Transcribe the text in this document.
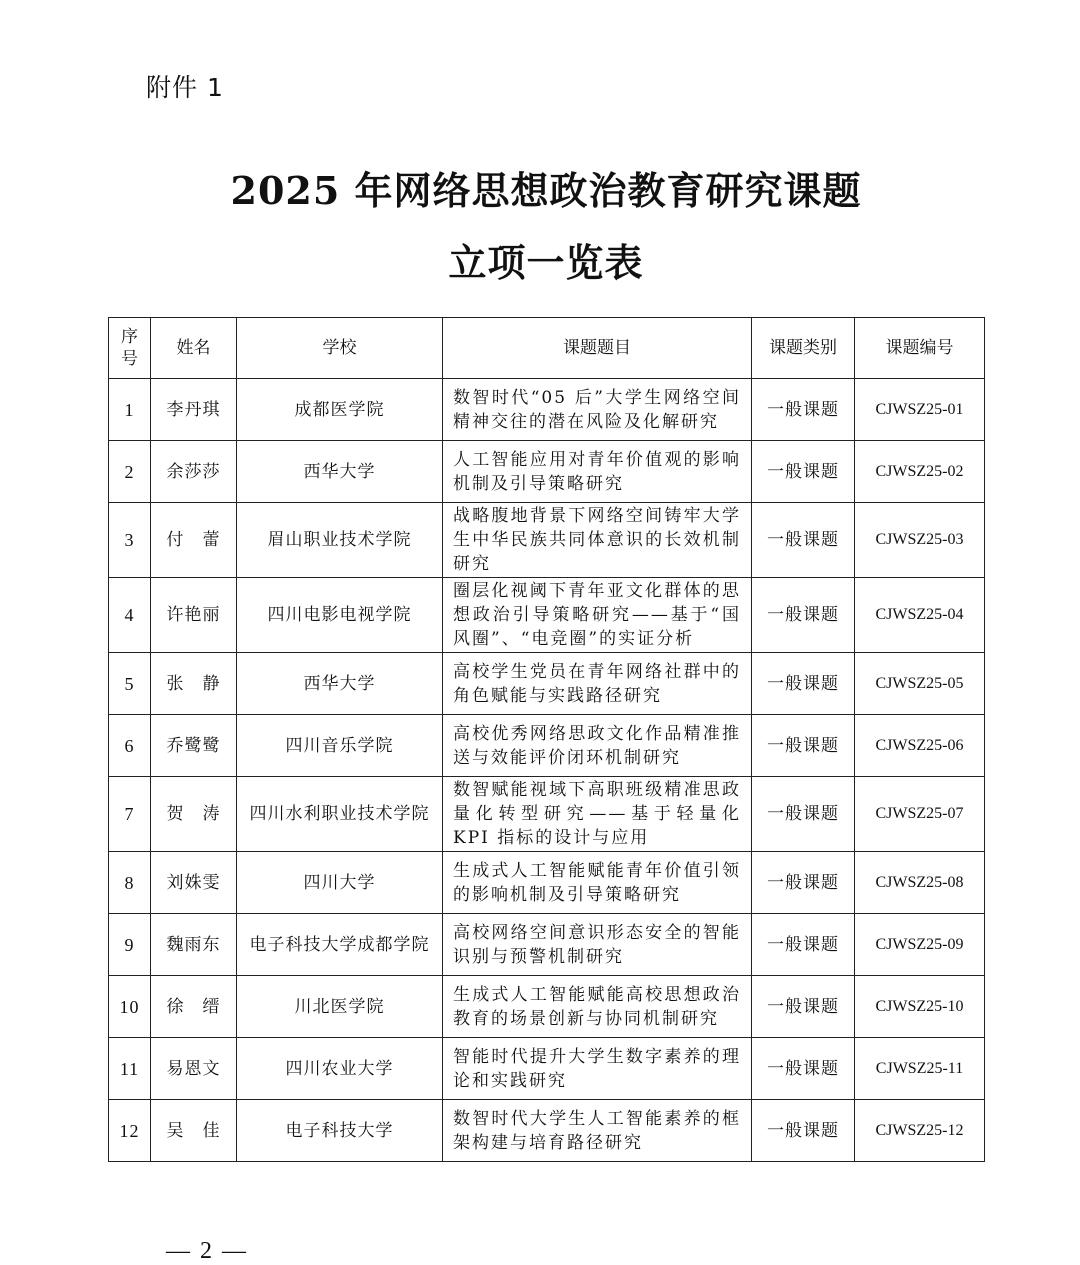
附件 1
2025 年网络思想政治教育研究课题
立项一览表
序号	姓名	学校	课题题目	课题类别	课题编号
1	李丹琪	成都医学院	数智时代“05 后”大学生网络空间精神交往的潜在风险及化解研究	一般课题	CJWSZ25-01
2	余莎莎	西华大学	人工智能应用对青年价值观的影响机制及引导策略研究	一般课题	CJWSZ25-02
3	付　蕾	眉山职业技术学院	战略腹地背景下网络空间铸牢大学生中华民族共同体意识的长效机制研究	一般课题	CJWSZ25-03
4	许艳丽	四川电影电视学院	圈层化视阈下青年亚文化群体的思想政治引导策略研究——基于“国风圈”、“电竞圈”的实证分析	一般课题	CJWSZ25-04
5	张　静	西华大学	高校学生党员在青年网络社群中的角色赋能与实践路径研究	一般课题	CJWSZ25-05
6	乔鹭鹭	四川音乐学院	高校优秀网络思政文化作品精准推送与效能评价闭环机制研究	一般课题	CJWSZ25-06
7	贺　涛	四川水利职业技术学院	数智赋能视域下高职班级精准思政量化转型研究——基于轻量化 KPI 指标的设计与应用	一般课题	CJWSZ25-07
8	刘姝雯	四川大学	生成式人工智能赋能青年价值引领的影响机制及引导策略研究	一般课题	CJWSZ25-08
9	魏雨东	电子科技大学成都学院	高校网络空间意识形态安全的智能识别与预警机制研究	一般课题	CJWSZ25-09
10	徐　缙	川北医学院	生成式人工智能赋能高校思想政治教育的场景创新与协同机制研究	一般课题	CJWSZ25-10
11	易恩文	四川农业大学	智能时代提升大学生数字素养的理论和实践研究	一般课题	CJWSZ25-11
12	吴　佳	电子科技大学	数智时代大学生人工智能素养的框架构建与培育路径研究	一般课题	CJWSZ25-12
— 2 —
